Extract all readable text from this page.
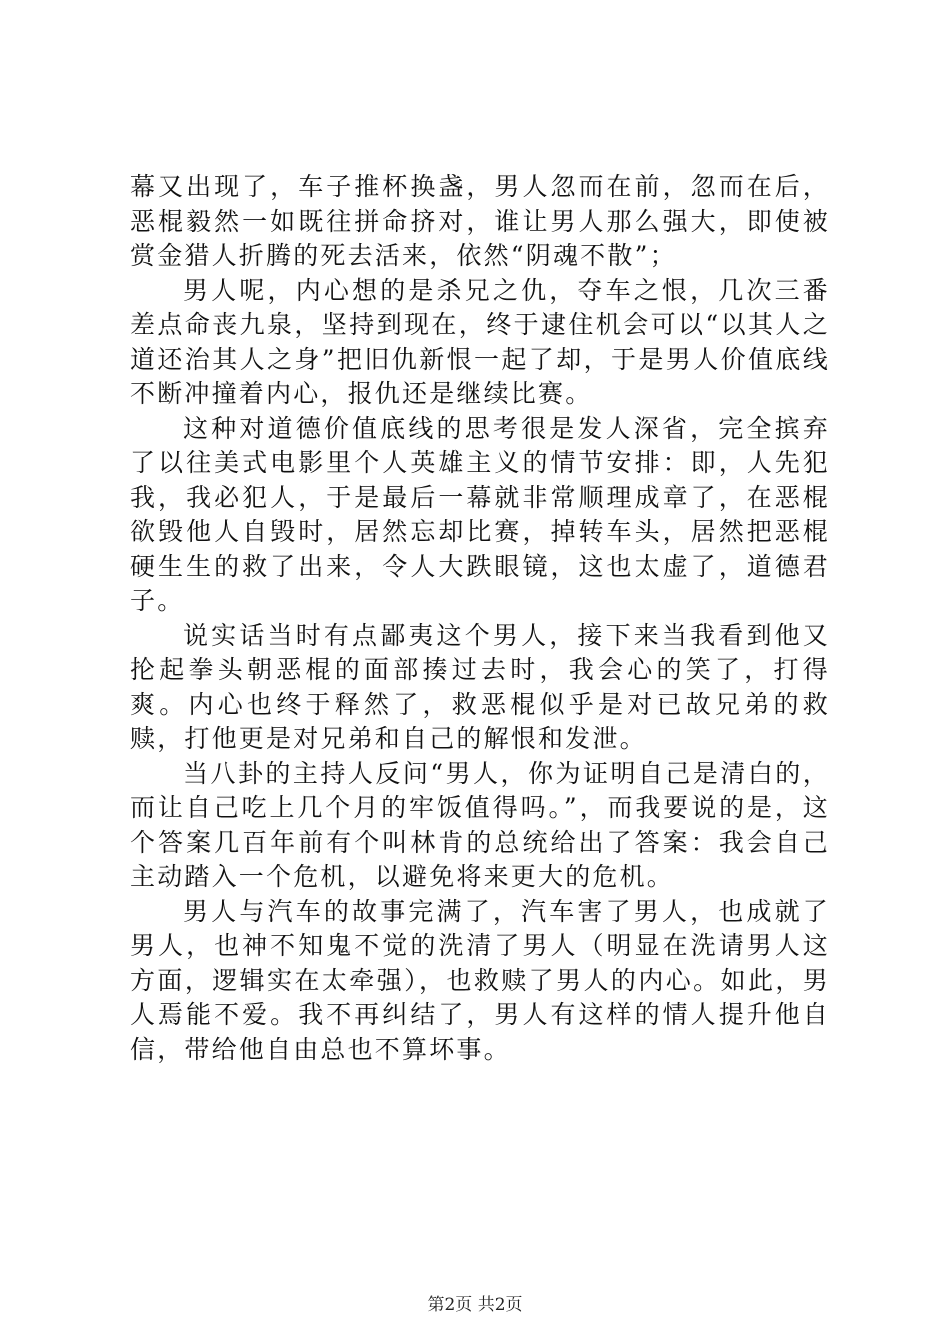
幕又出现了，车子推杯换盏，男人忽而在前，忽而在后，恶棍毅然一如既往拼命挤对，谁让男人那么强大，即使被赏金猎人折腾的死去活来，依然“阴魂不散”；

男人呢，内心想的是杀兄之仇，夺车之恨，几次三番差点命丧九泉，坚持到现在，终于逮住机会可以“以其人之道还治其人之身”把旧仇新恨一起了却，于是男人价值底线不断冲撞着内心，报仇还是继续比赛。

这种对道德价值底线的思考很是发人深省，完全摈弃了以往美式电影里个人英雄主义的情节安排：即，人先犯我，我必犯人，于是最后一幕就非常顺理成章了，在恶棍欲毁他人自毁时，居然忘却比赛，掉转车头，居然把恶棍硬生生的救了出来，令人大跌眼镜，这也太虚了，道德君子。

说实话当时有点鄙夷这个男人，接下来当我看到他又抡起拳头朝恶棍的面部揍过去时，我会心的笑了，打得爽。内心也终于释然了，救恶棍似乎是对已故兄弟的救赎，打他更是对兄弟和自己的解恨和发泄。

当八卦的主持人反问“男人，你为证明自己是清白的，而让自己吃上几个月的牢饭值得吗。”，而我要说的是，这个答案几百年前有个叫林肯的总统给出了答案：我会自己主动踏入一个危机，以避免将来更大的危机。

男人与汽车的故事完满了，汽车害了男人，也成就了男人，也神不知鬼不觉的洗清了男人（明显在洗请男人这方面，逻辑实在太牵强），也救赎了男人的内心。如此，男人焉能不爱。我不再纠结了，男人有这样的情人提升他自信，带给他自由总也不算坏事。

第2页 共2页
